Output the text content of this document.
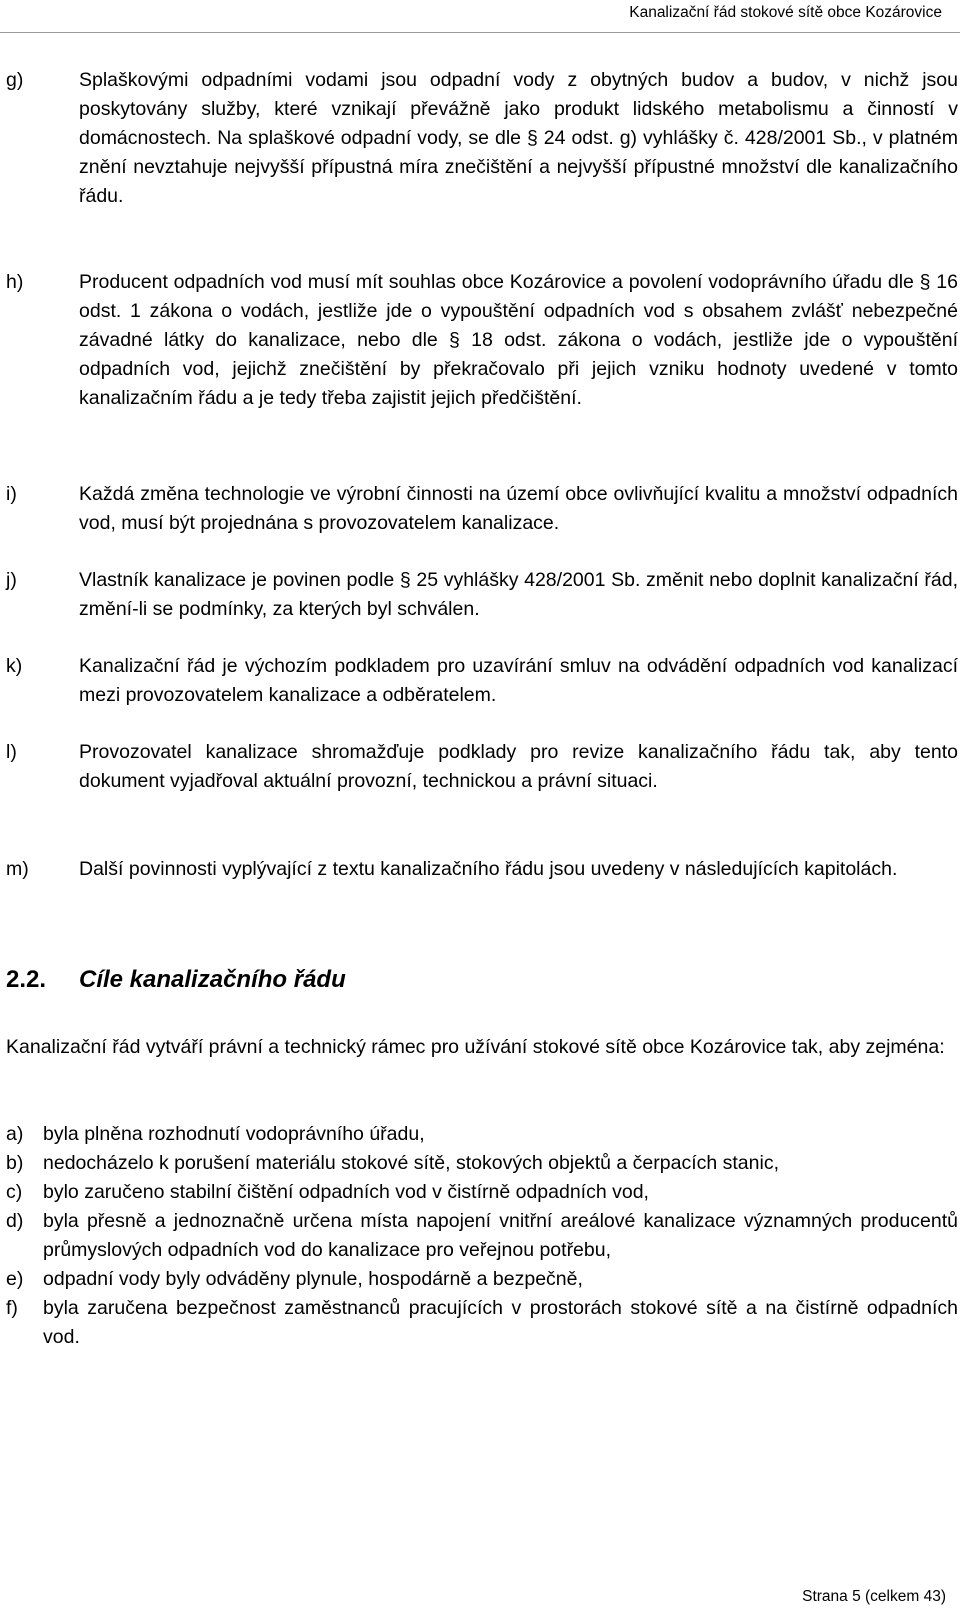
Kanalizační řád stokové sítě obce Kozárovice
g)	Splaškovými odpadními vodami jsou odpadní vody z obytných budov a budov, v nichž jsou poskytovány služby, které vznikají převážně jako produkt lidského metabolismu a činností v domácnostech. Na splaškové odpadní vody, se dle § 24 odst. g) vyhlášky č. 428/2001 Sb., v platném znění nevztahuje nejvyšší přípustná míra znečištění a nejvyšší přípustné množství dle kanalizačního řádu.
h)	Producent odpadních vod musí mít souhlas obce Kozárovice a povolení vodoprávního úřadu dle § 16 odst. 1 zákona o vodách, jestliže jde o vypouštění odpadních vod s obsahem zvlášť nebezpečné závadné látky do kanalizace, nebo dle § 18 odst. zákona o vodách, jestliže jde o vypouštění odpadních vod, jejichž znečištění by překračovalo při jejich vzniku hodnoty uvedené v tomto kanalizačním řádu a je tedy třeba zajistit jejich předčištění.
i)	Každá změna technologie ve výrobní činnosti na území obce ovlivňující kvalitu a množství odpadních vod, musí být projednána s provozovatelem kanalizace.
j)	Vlastník kanalizace je povinen podle § 25 vyhlášky 428/2001 Sb. změnit nebo doplnit kanalizační řád, změní-li se podmínky, za kterých byl schválen.
k)	Kanalizační řád je výchozím podkladem pro uzavírání smluv na odvádění odpadních vod kanalizací mezi provozovatelem kanalizace a odběratelem.
l)	Provozovatel kanalizace shromažďuje podklady pro revize kanalizačního řádu tak, aby tento dokument vyjadřoval aktuální provozní, technickou a právní situaci.
m)	Další povinnosti vyplývající z textu kanalizačního řádu jsou uvedeny v následujících kapitolách.
2.2. Cíle kanalizačního řádu
Kanalizační řád vytváří právní a technický rámec pro užívání stokové sítě obce Kozárovice tak, aby zejména:
a) byla plněna rozhodnutí vodoprávního úřadu,
b) nedocházelo k porušení materiálu stokové sítě, stokových objektů a čerpacích stanic,
c) bylo zaručeno stabilní čištění odpadních vod v čistírně odpadních vod,
d) byla přesně a jednoznačně určena místa napojení vnitřní areálové kanalizace významných producentů průmyslových odpadních vod do kanalizace pro veřejnou potřebu,
e) odpadní vody byly odváděny plynule, hospodárně a bezpečně,
f) byla zaručena bezpečnost zaměstnanců pracujících v prostorách stokové sítě a na čistírně odpadních vod.
Strana 5 (celkem 43)
